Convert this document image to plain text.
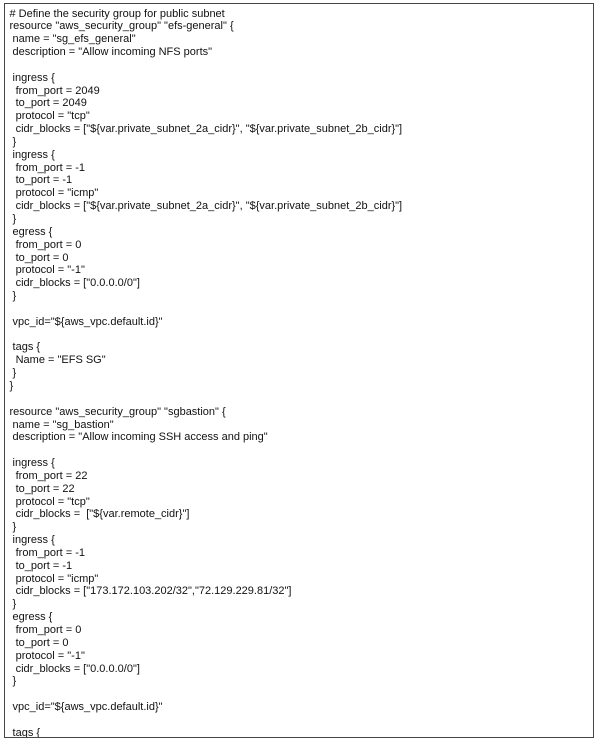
# Define the security group for public subnet
resource "aws_security_group" "efs-general" {
name = "sg_efs_general"
description = "Allow incoming NFS ports"
ingress {
from_port = 2049
to_port = 2049
protocol = "tcp"
cidr_blocks = ["${var.private_subnet_2a_cidr}", "${var.private_subnet_2b_cidr}"]
}
ingress {
from_port = -1
to_port = -1
protocol = "icmp"
cidr_blocks = ["${var.private_subnet_2a_cidr}", "${var.private_subnet_2b_cidr}"]
}
egress {
from_port = 0
to_port = 0
protocol = "-1"
cidr_blocks = ["0.0.0.0/0"]
}
vpc_id="${aws_vpc.default.id}"
tags {
Name = "EFS SG"
}
}
resource "aws_security_group" "sgbastion" {
name = "sg_bastion"
description = "Allow incoming SSH access and ping"
ingress {
from_port = 22
to_port = 22
protocol = "tcp"
cidr_blocks =  ["${var.remote_cidr}"]
}
ingress {
from_port = -1
to_port = -1
protocol = "icmp"
cidr_blocks = ["173.172.103.202/32","72.129.229.81/32"]
}
egress {
from_port = 0
to_port = 0
protocol = "-1"
cidr_blocks = ["0.0.0.0/0"]
}
vpc_id="${aws_vpc.default.id}"
tags {
